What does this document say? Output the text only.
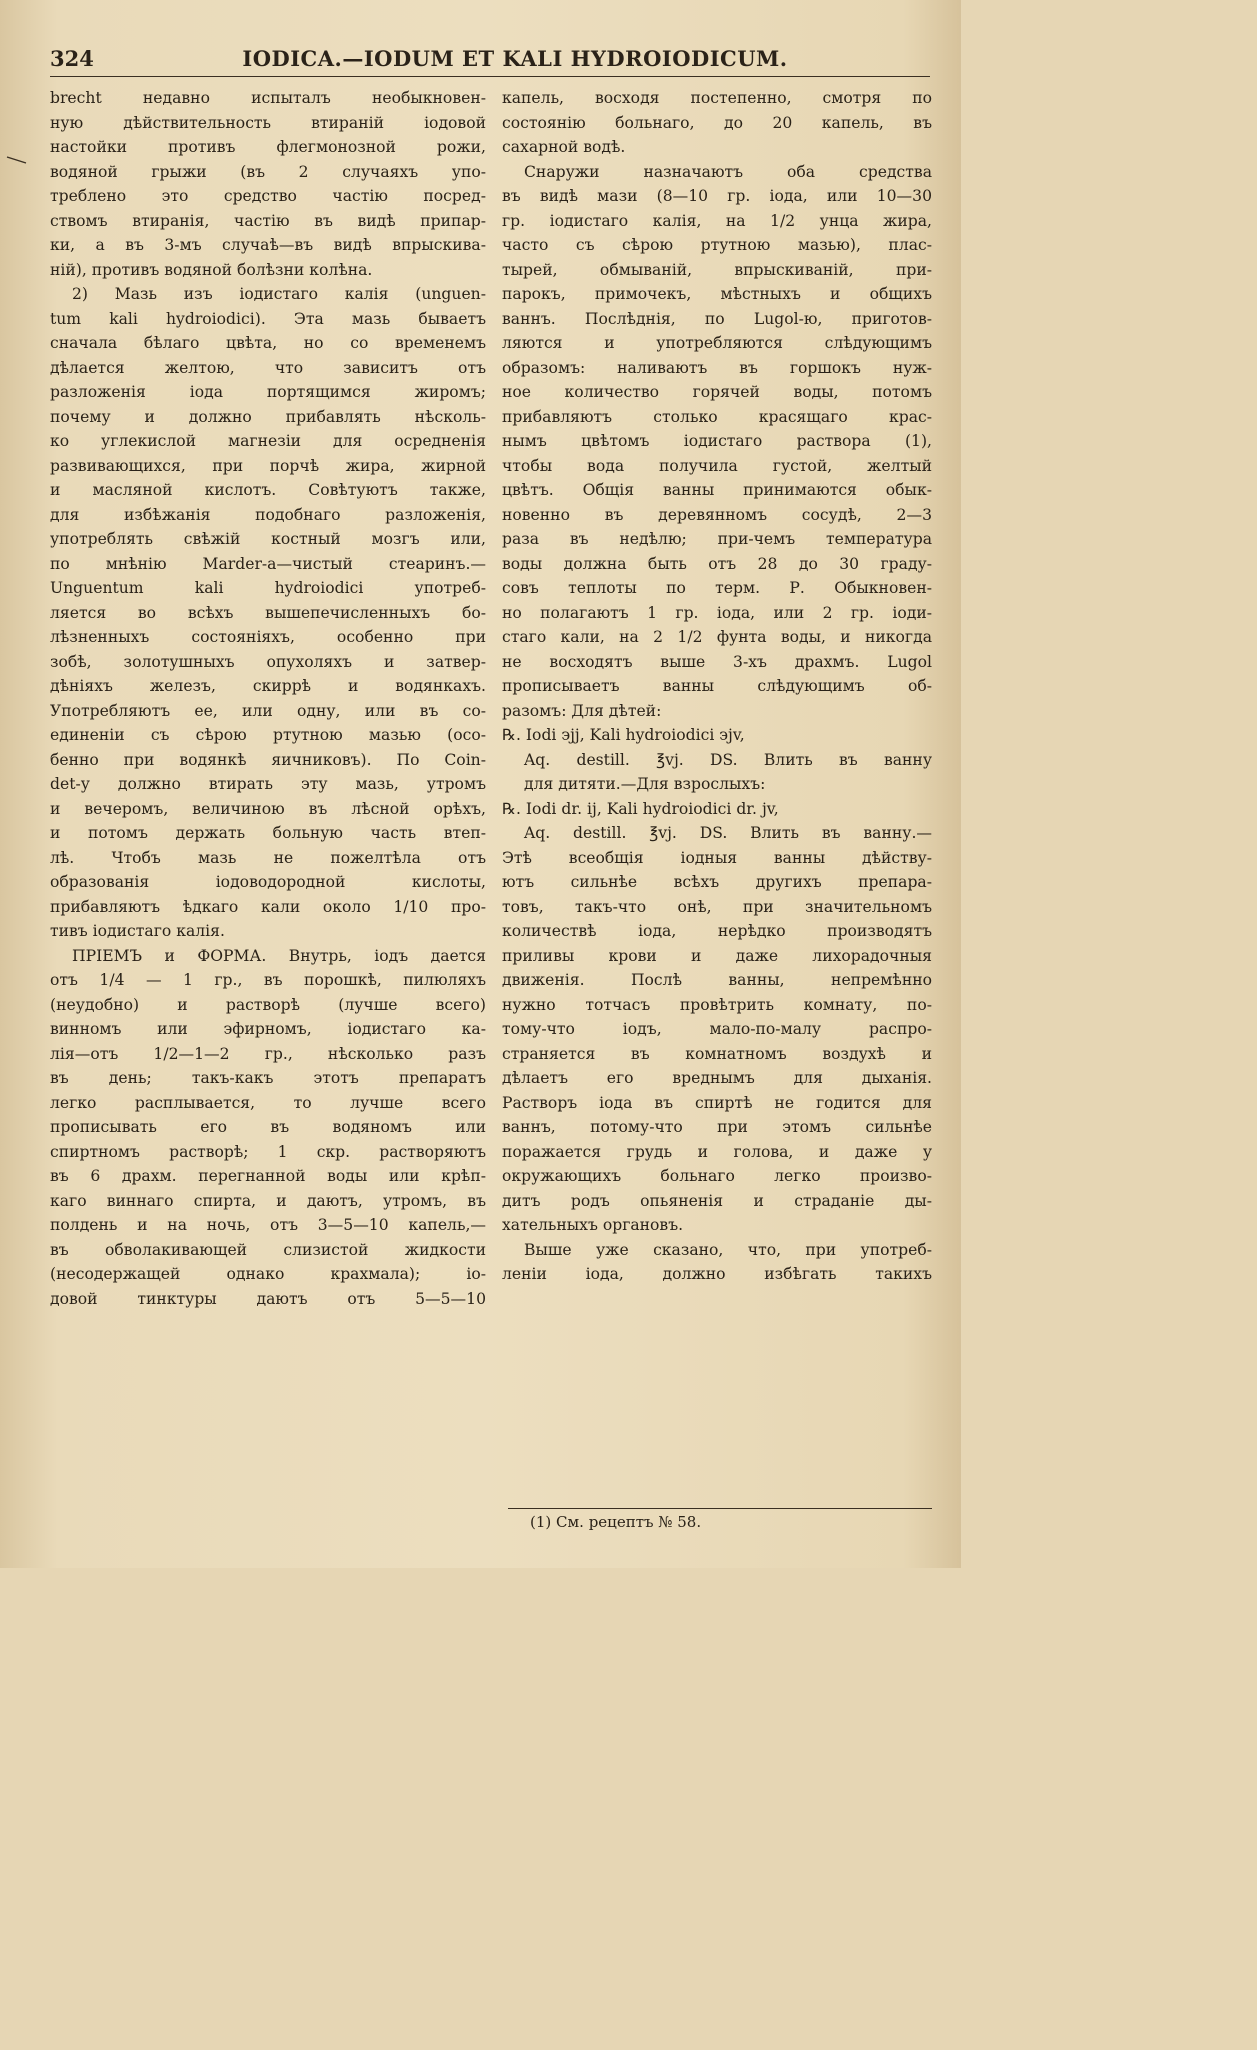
324	IODICA.—IODUM ET KALI HYDROIODICUM.
brecht недавно испыталъ необыкновен-
ную дѣйствительность втираній іодовой
настойки противъ флегмонозной рожи,
водяной грыжи (въ 2 случаяхъ упо-
треблено это средство частію посред-
ствомъ втиранія, частію въ видѣ припар-
ки, а въ 3-мъ случаѣ—въ видѣ впрыскива-
ній), противъ водяной болѣзни колѣна.
2) Мазь изъ іодистаго калія (unguen-
tum kali hydroiodici). Эта мазь бываетъ
сначала бѣлаго цвѣта, но со временемъ
дѣлается желтою, что зависитъ отъ
разложенія іода портящимся жиромъ;
почему и должно прибавлять нѣсколь-
ко углекислой магнезіи для осредненія
развивающихся, при порчѣ жира, жирной
и масляной кислотъ. Совѣтуютъ также,
для избѣжанія подобнаго разложенія,
употреблять свѣжій костный мозгъ или,
по мнѣнію Marder-а—чистый стеаринъ.—
Unguentum kali hydroiodici употреб-
ляется во всѣхъ вышепечисленныхъ бо-
лѣзненныхъ состояніяхъ, особенно при
зобѣ, золотушныхъ опухоляхъ и затвер-
дѣніяхъ железъ, скиррѣ и водянкахъ.
Употребляютъ ее, или одну, или въ со-
единеніи съ сѣрою ртутною мазью (осо-
бенно при водянкѣ яичниковъ). По Coin-
det-у должно втирать эту мазь, утромъ
и вечеромъ, величиною въ лѣсной орѣхъ,
и потомъ держать больную часть втеп-
лѣ. Чтобъ мазь не пожелтѣла отъ
образованія іодоводородной кислоты,
прибавляютъ ѣдкаго кали около 1/10 про-
тивъ іодистаго калія.
ПРІЕМЪ и ФОРМА. Внутрь, іодъ дается
отъ 1/4 — 1 гр., въ порошкѣ, пилюляхъ
(неудобно) и растворѣ (лучше всего)
винномъ или эфирномъ, іодистаго ка-
лія—отъ 1/2—1—2 гр., нѣсколько разъ
въ день; такъ-какъ этотъ препаратъ
легко расплывается, то лучше всего
прописывать его въ водяномъ или
спиртномъ растворѣ; 1 скр. растворяютъ
въ 6 драхм. перегнанной воды или крѣп-
каго виннаго спирта, и даютъ, утромъ, въ
полдень и на ночь, отъ 3—5—10 капель,—
въ обволакивающей слизистой жидкости
(несодержащей однако крахмала); іо-
довой тинктуры даютъ отъ 5—5—10
капель, восходя постепенно, смотря по
состоянію больнаго, до 20 капель, въ
сахарной водѣ.
Снаружи назначаютъ оба средства
въ видѣ мази (8—10 гр. іода, или 10—30
гр. іодистаго калія, на 1/2 унца жира,
часто съ сѣрою ртутною мазью), плас-
тырей, обмываній, впрыскиваній, при-
парокъ, примочекъ, мѣстныхъ и общихъ
ваннъ. Послѣднія, по Lugol-ю, приготов-
ляются и употребляются слѣдующимъ
образомъ: наливаютъ въ горшокъ нуж-
ное количество горячей воды, потомъ
прибавляютъ столько красящаго крас-
нымъ цвѣтомъ іодистаго раствора (1),
чтобы вода получила густой, желтый
цвѣтъ. Общія ванны принимаются обык-
новенно въ деревянномъ сосудѣ, 2—3
раза въ недѣлю; при-чемъ температура
воды должна быть отъ 28 до 30 граду-
совъ теплоты по терм. Р. Обыкновен-
но полагаютъ 1 гр. іода, или 2 гр. іоди-
стаго кали, на 2 1/2 фунта воды, и никогда
не восходятъ выше 3-хъ драхмъ. Lugol
прописываетъ ванны слѣдующимъ об-
разомъ: Для дѣтей:
℞. Iodi ϶jj, Kali hydroiodici ϶jv,
Aq. destill. ℥vj. DS. Влить въ ванну
для дитяти.—Для взрослыхъ:
℞. Iodi dr. ij, Kali hydroiodici dr. jv,
Aq. destill. ℥vj. DS. Влить въ ванну.—
Этѣ всеобщія іодныя ванны дѣйству-
ютъ сильнѣе всѣхъ другихъ препара-
товъ, такъ-что онѣ, при значительномъ
количествѣ іода, нерѣдко производятъ
приливы крови и даже лихорадочныя
движенія. Послѣ ванны, непремѣнно
нужно тотчасъ провѣтрить комнату, по-
тому-что іодъ, мало-по-малу распро-
страняется въ комнатномъ воздухѣ и
дѣлаетъ его вреднымъ для дыханія.
Растворъ іода въ спиртѣ не годится для
ваннъ, потому-что при этомъ сильнѣе
поражается грудь и голова, и даже у
окружающихъ больнаго легко произво-
дитъ родъ опьяненія и страданіе ды-
хательныхъ органовъ.
Выше уже сказано, что, при употреб-
леніи іода, должно избѣгать такихъ
(1) См. рецептъ № 58.
